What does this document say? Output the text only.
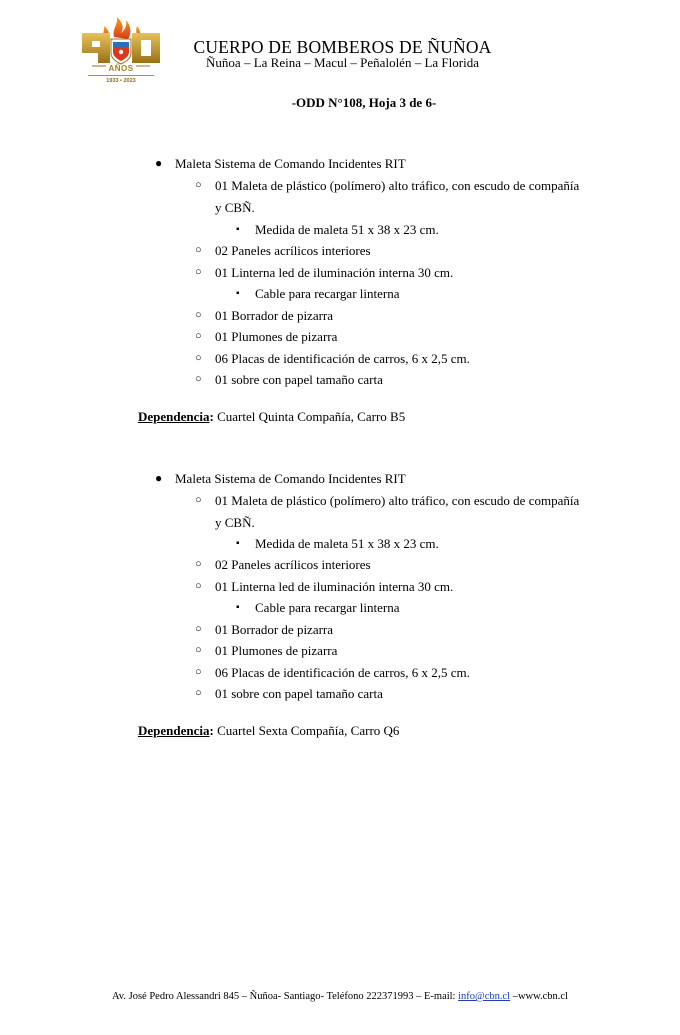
AÑOS
1933 • 2023
CUERPO DE BOMBEROS DE ÑUÑOA
Ñuñoa – La Reina – Macul – Peñalolén – La Florida
-ODD N°108, Hoja 3 de 6-
● Maleta Sistema de Comando Incidentes RIT
○ 01 Maleta de plástico (polímero) alto tráfico, con escudo de compañía
y CBÑ.
▪ Medida de maleta 51 x 38 x 23 cm.
○ 02 Paneles acrílicos interiores
○ 01 Linterna led de iluminación interna 30 cm.
▪ Cable para recargar linterna
○ 01 Borrador de pizarra
○ 01 Plumones de pizarra
○ 06 Placas de identificación de carros, 6 x 2,5 cm.
○ 01 sobre con papel tamaño carta
Dependencia: Cuartel Quinta Compañía, Carro B5
● Maleta Sistema de Comando Incidentes RIT
○ 01 Maleta de plástico (polímero) alto tráfico, con escudo de compañía
y CBÑ.
▪ Medida de maleta 51 x 38 x 23 cm.
○ 02 Paneles acrílicos interiores
○ 01 Linterna led de iluminación interna 30 cm.
▪ Cable para recargar linterna
○ 01 Borrador de pizarra
○ 01 Plumones de pizarra
○ 06 Placas de identificación de carros, 6 x 2,5 cm.
○ 01 sobre con papel tamaño carta
Dependencia: Cuartel Sexta Compañía, Carro Q6
Av. José Pedro Alessandri 845 – Ñuñoa- Santiago- Teléfono 222371993 – E-mail: info@cbn.cl –www.cbn.cl
